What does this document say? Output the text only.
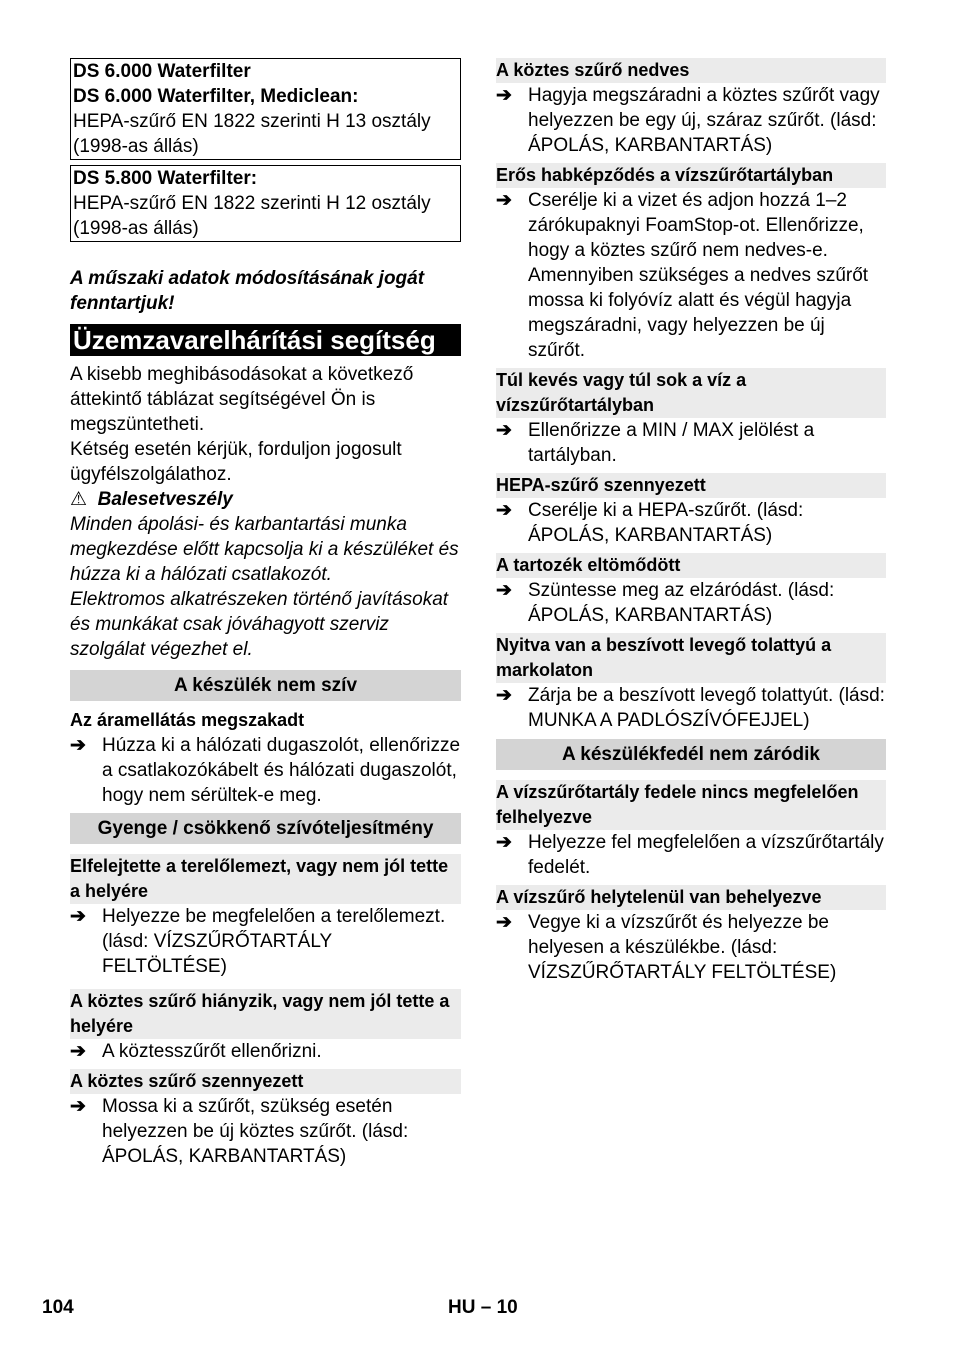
DS 6.000 Waterfilter
DS 6.000 Waterfilter, Mediclean:
HEPA-szűrő EN 1822 szerinti H 13 osztály (1998-as állás)
DS 5.800 Waterfilter:
HEPA-szűrő EN 1822 szerinti H 12 osztály (1998-as állás)
A műszaki adatok módosításának jogát fenntartjuk!
Üzemzavarelhárítási segítség
A kisebb meghibásodásokat a következő áttekintő táblázat segítségével Ön is megszüntetheti.
Kétség esetén kérjük, forduljon jogosult ügyfélszolgálathoz.
⚠ Balesetveszély
Minden ápolási- és karbantartási munka megkezdése előtt kapcsolja ki a készüléket és húzza ki a hálózati csatlakozót.
Elektromos alkatrészeken történő javításokat és munkákat csak jóváhagyott szerviz szolgálat végezhet el.
A készülék nem szív
Az áramellátás megszakadt
➔ Húzza ki a hálózati dugaszolót, ellenőrizze a csatlakozókábelt és hálózati dugaszolót, hogy nem sérültek-e meg.
Gyenge / csökkenő szívóteljesítmény
Elfelejtette a terelőlemezt, vagy nem jól tette a helyére
➔ Helyezze be megfelelően a terelőlemezt. (lásd: VÍZSZŰRŐTARTÁLY FELTÖLTÉSE)
A köztes szűrő hiányzik, vagy nem jól tette a helyére
➔ A köztesszűrőt ellenőrizni.
A köztes szűrő szennyezett
➔ Mossa ki a szűrőt, szükség esetén helyezzen be új köztes szűrőt. (lásd: ÁPOLÁS, KARBANTARTÁS)
A köztes szűrő nedves
➔ Hagyja megszáradni a köztes szűrőt vagy helyezzen be egy új, száraz szűrőt. (lásd: ÁPOLÁS, KARBANTARTÁS)
Erős habképződés a vízszűrőtartályban
➔ Cserélje ki a vizet és adjon hozzá 1–2 zárókupaknyi FoamStop-ot. Ellenőrizze, hogy a köztes szűrő nem nedves-e. Amennyiben szükséges a nedves szűrőt mossa ki folyóvíz alatt és végül hagyja megszáradni, vagy helyezzen be új szűrőt.
Túl kevés vagy túl sok a víz a vízszűrőtartályban
➔ Ellenőrizze a MIN / MAX jelölést a tartályban.
HEPA-szűrő szennyezett
➔ Cserélje ki a HEPA-szűrőt. (lásd: ÁPOLÁS, KARBANTARTÁS)
A tartozék eltömődött
➔ Szüntesse meg az elzáródást. (lásd: ÁPOLÁS, KARBANTARTÁS)
Nyitva van a beszívott levegő tolattyú a markolaton
➔ Zárja be a beszívott levegő tolattyút. (lásd: MUNKA A PADLÓSZÍVÓFEJJEL)
A készülékfedél nem záródik
A vízszűrőtartály fedele nincs megfelelően felhelyezve
➔ Helyezze fel megfelelően a vízszűrőtartály fedelét.
A vízszűrő helytelenül van behelyezve
➔ Vegye ki a vízszűrőt és helyezze be helyesen a készülékbe. (lásd: VÍZSZŰRŐTARTÁLY FELTÖLTÉSE)
104	HU – 10
